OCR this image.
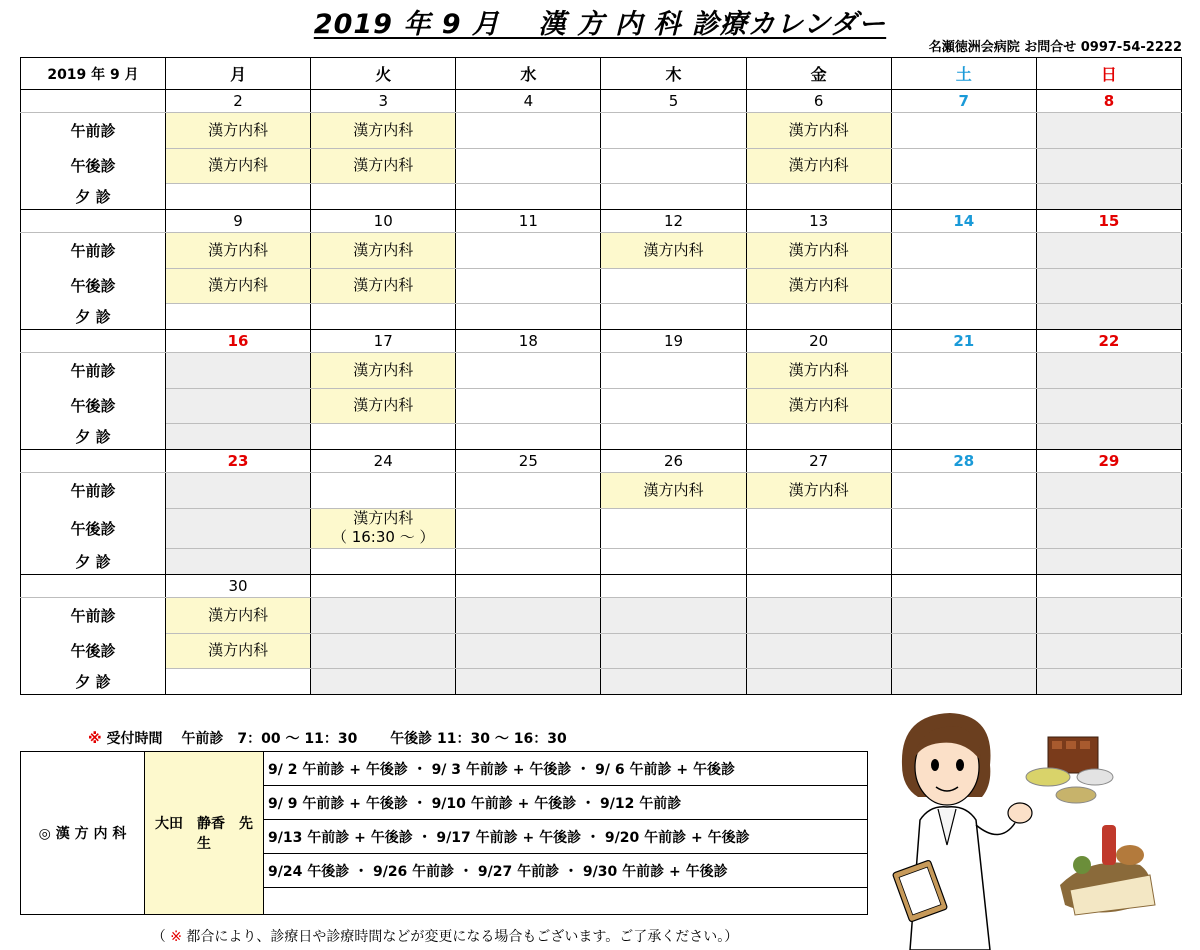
2019 年 9 月　 漢 方 内 科 診療カレンダー
名瀬徳洲会病院 お問合せ 0997-54-2222
2019 年 9 月	月	火	水	木	金	土	日
	2	3	4	5	6	7	8
午前診	漢方内科	漢方内科			漢方内科		
午後診	漢方内科	漢方内科			漢方内科		
夕 診							
	9	10	11	12	13	14	15
午前診	漢方内科	漢方内科		漢方内科	漢方内科		
午後診	漢方内科	漢方内科			漢方内科		
夕 診							
	16	17	18	19	20	21	22
午前診		漢方内科			漢方内科		
午後診		漢方内科			漢方内科		
夕 診							
	23	24	25	26	27	28	29
午前診				漢方内科	漢方内科		
午後診		漢方内科
（ 16:30 ～ ）					
夕 診							
	30						
午前診	漢方内科						
午後診	漢方内科						
夕 診							
※ 受付時間　 午前診　7：00 ～ 11：30　　 午後診 11：30 ～ 16：30
◎ 漢 方 内 科	大田　静香　先生	9/ 2 午前診 + 午後診 ・ 9/ 3 午前診 + 午後診 ・ 9/ 6 午前診 + 午後診
9/ 9 午前診 + 午後診 ・ 9/10 午前診 + 午後診 ・ 9/12 午前診
9/13 午前診 + 午後診 ・ 9/17 午前診 + 午後診 ・ 9/20 午前診 + 午後診
9/24 午後診 ・ 9/26 午前診 ・ 9/27 午前診 ・ 9/30 午前診 + 午後診

（ ※ 都合により、診療日や診療時間などが変更になる場合もございます。ご了承ください。）
